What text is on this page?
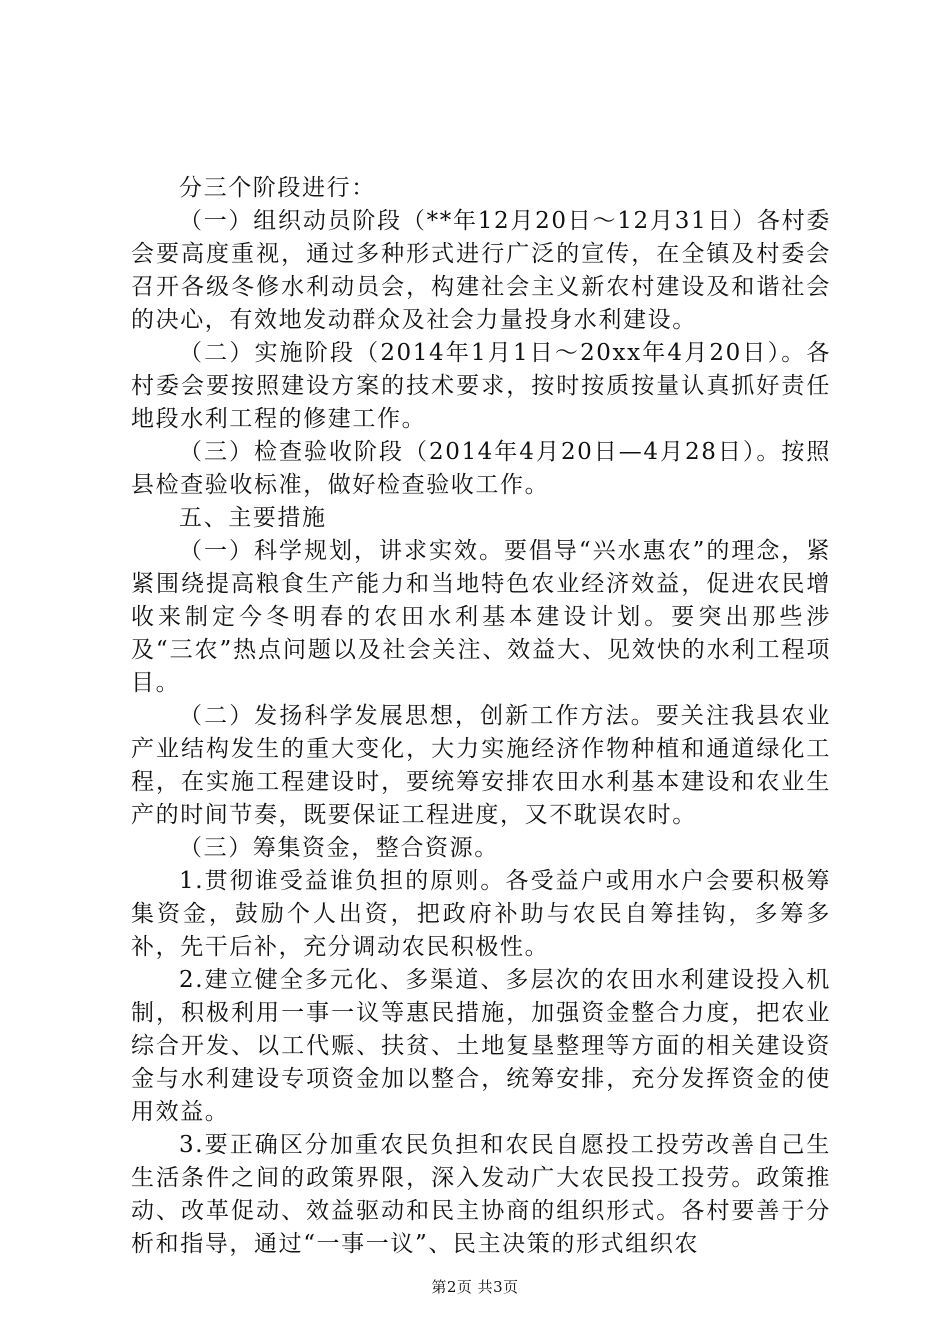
分三个阶段进行：

（一）组织动员阶段（**年12月20日～12月31日）各村委会要高度重视，通过多种形式进行广泛的宣传，在全镇及村委会召开各级冬修水利动员会，构建社会主义新农村建设及和谐社会的决心，有效地发动群众及社会力量投身水利建设。

（二）实施阶段（2014年1月1日～20xx年4月20日）。各村委会要按照建设方案的技术要求，按时按质按量认真抓好责任地段水利工程的修建工作。

（三）检查验收阶段（2014年4月20日—4月28日）。按照县检查验收标准，做好检查验收工作。

五、主要措施

（一）科学规划，讲求实效。要倡导“兴水惠农”的理念，紧紧围绕提高粮食生产能力和当地特色农业经济效益，促进农民增收来制定今冬明春的农田水利基本建设计划。要突出那些涉及“三农”热点问题以及社会关注、效益大、见效快的水利工程项目。

（二）发扬科学发展思想，创新工作方法。要关注我县农业产业结构发生的重大变化，大力实施经济作物种植和通道绿化工程，在实施工程建设时，要统筹安排农田水利基本建设和农业生产的时间节奏，既要保证工程进度，又不耽误农时。

（三）筹集资金，整合资源。

1.贯彻谁受益谁负担的原则。各受益户或用水户会要积极筹集资金，鼓励个人出资，把政府补助与农民自筹挂钩，多筹多补，先干后补，充分调动农民积极性。

2.建立健全多元化、多渠道、多层次的农田水利建设投入机制，积极利用一事一议等惠民措施，加强资金整合力度，把农业综合开发、以工代赈、扶贫、土地复垦整理等方面的相关建设资金与水利建设专项资金加以整合，统筹安排，充分发挥资金的使用效益。

3.要正确区分加重农民负担和农民自愿投工投劳改善自己生生活条件之间的政策界限，深入发动广大农民投工投劳。政策推动、改革促动、效益驱动和民主协商的组织形式。各村要善于分析和指导，通过“一事一议”、民主决策的形式组织农

第2页 共3页
